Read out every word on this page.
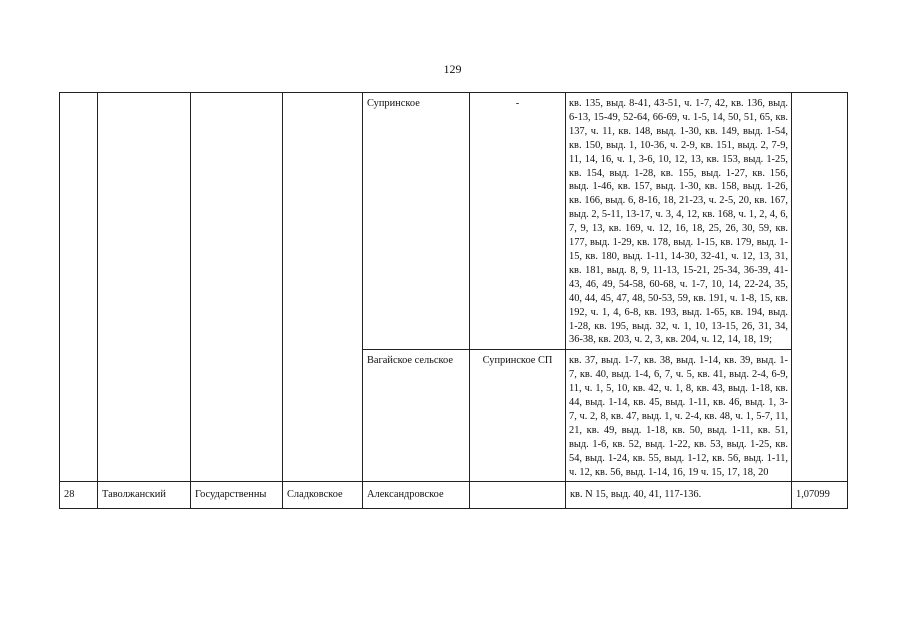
129
				Супринское	-	кв. 135, выд. 8-41, 43-51, ч. 1-7, 42, кв. 136, выд. 6-13, 15-49, 52-64, 66-69, ч. 1-5, 14, 50, 51, 65, кв. 137, ч. 11, кв. 148, выд. 1-30, кв. 149, выд. 1-54, кв. 150, выд. 1, 10-36, ч. 2-9, кв. 151, выд. 2, 7-9, 11, 14, 16, ч. 1, 3-6, 10, 12, 13, кв. 153, выд. 1-25, кв. 154, выд. 1-28, кв. 155, выд. 1-27, кв. 156, выд. 1-46, кв. 157, выд. 1-30, кв. 158, выд. 1-26, кв. 166, выд. 6, 8-16, 18, 21-23, ч. 2-5, 20, кв. 167, выд. 2, 5-11, 13-17, ч. 3, 4, 12, кв. 168, ч. 1, 2, 4, 6, 7, 9, 13, кв. 169, ч. 12, 16, 18, 25, 26, 30, 59, кв. 177, выд. 1-29, кв. 178, выд. 1-15, кв. 179, выд. 1-15, кв. 180, выд. 1-11, 14-30, 32-41, ч. 12, 13, 31, кв. 181, выд. 8, 9, 11-13, 15-21, 25-34, 36-39, 41-43, 46, 49, 54-58, 60-68, ч. 1-7, 10, 14, 22-24, 35, 40, 44, 45, 47, 48, 50-53, 59, кв. 191, ч. 1-8, 15, кв. 192, ч. 1, 4, 6-8, кв. 193, выд. 1-65, кв. 194, выд. 1-28, кв. 195, выд. 32, ч. 1, 10, 13-15, 26, 31, 34, 36-38, кв. 203, ч. 2, 3, кв. 204, ч. 12, 14, 18, 19;	
				Вагайское сельское	Супринское СП	кв. 37, выд. 1-7, кв. 38, выд. 1-14, кв. 39, выд. 1-7, кв. 40, выд. 1-4, 6, 7, ч. 5, кв. 41, выд. 2-4, 6-9, 11, ч. 1, 5, 10, кв. 42, ч. 1, 8, кв. 43, выд. 1-18, кв. 44, выд. 1-14, кв. 45, выд. 1-11, кв. 46, выд. 1, 3-7, ч. 2, 8, кв. 47, выд. 1, ч. 2-4, кв. 48, ч. 1, 5-7, 11, 21, кв. 49, выд. 1-18, кв. 50, выд. 1-11, кв. 51, выд. 1-6, кв. 52, выд. 1-22, кв. 53, выд. 1-25, кв. 54, выд. 1-24, кв. 55, выд. 1-12, кв. 56, выд. 1-11, ч. 12, кв. 56, выд. 1-14, 16, 19 ч. 15, 17, 18, 20	
28	Таволжанский	Государственны	Сладковское	Александровское		кв. N 15, выд. 40, 41, 117-136.	1,07099
